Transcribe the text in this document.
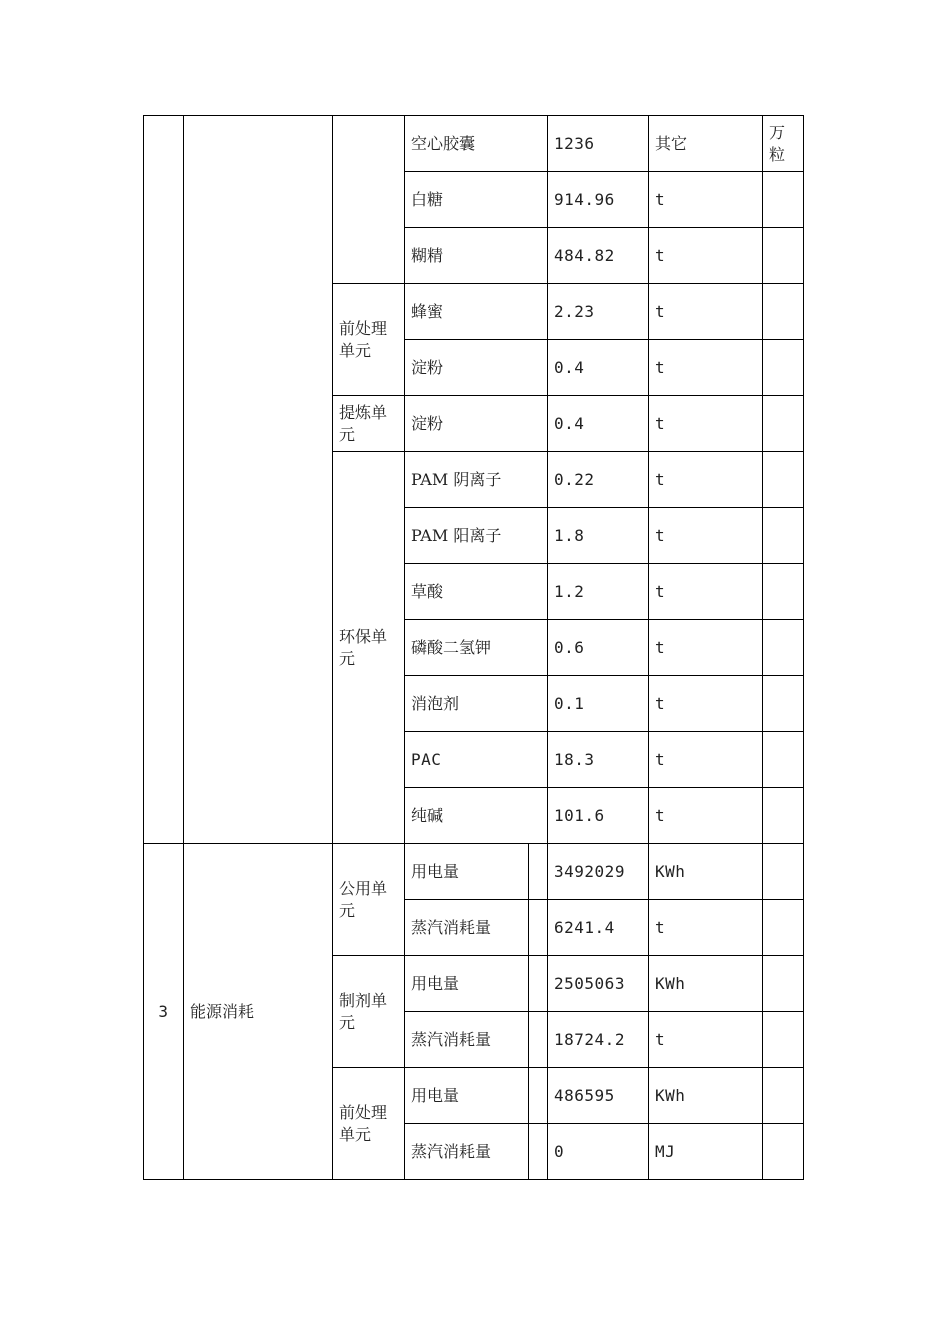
			空心胶囊		1236	其它	万粒
			白糖		914.96	t	
			糊精		484.82	t	
		前处理单元	蜂蜜		2.23	t	
			淀粉		0.4	t	
		提炼单元	淀粉		0.4	t	
		环保单元	PAM 阴离子		0.22	t	
			PAM 阳离子		1.8	t	
			草酸		1.2	t	
			磷酸二氢钾		0.6	t	
			消泡剂		0.1	t	
			PAC		18.3	t	
			纯碱		101.6	t	
3	能源消耗	公用单元	用电量		3492029	KWh	
			蒸汽消耗量		6241.4	t	
		制剂单元	用电量		2505063	KWh	
			蒸汽消耗量		18724.2	t	
		前处理单元	用电量		486595	KWh	
			蒸汽消耗量		0	MJ	
